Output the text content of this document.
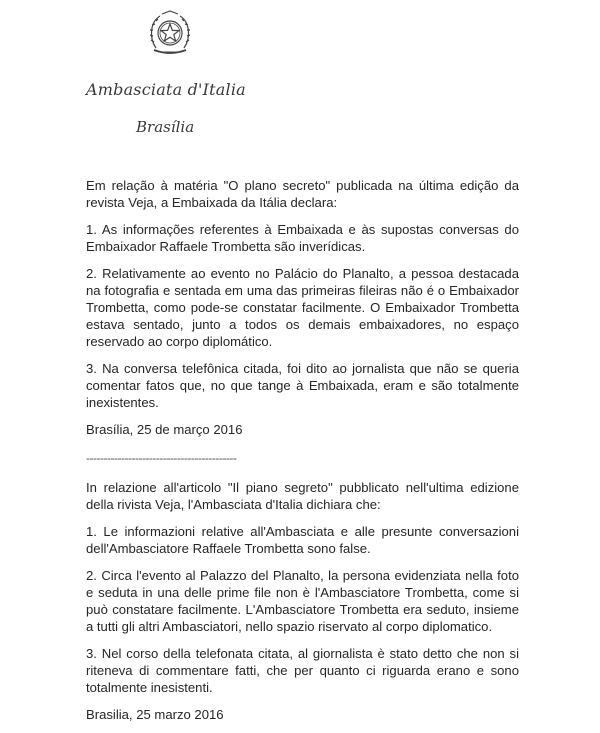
Ambasciata d'Italia
Brasília

Em relação à matéria "O plano secreto" publicada na última edição da revista Veja, a Embaixada da Itália declara:

1. As informações referentes à Embaixada e às supostas conversas do Embaixador Raffaele Trombetta são inverídicas.

2. Relativamente ao evento no Palácio do Planalto, a pessoa destacada na fotografia e sentada em uma das primeiras fileiras não é o Embaixador Trombetta, como pode-se constatar facilmente. O Embaixador Trombetta estava sentado, junto a todos os demais embaixadores, no espaço reservado ao corpo diplomático.

3. Na conversa telefônica citada, foi dito ao jornalista que não se queria comentar fatos que, no que tange à Embaixada, eram e são totalmente inexistentes.

Brasília, 25 de março 2016

-------------------------------------------

In relazione all'articolo "Il piano segreto" pubblicato nell'ultima edizione della rivista Veja, l'Ambasciata d'Italia dichiara che:

1. Le informazioni relative all'Ambasciata e alle presunte conversazioni dell'Ambasciatore Raffaele Trombetta sono false.

2. Circa l'evento al Palazzo del Planalto, la persona evidenziata nella foto e seduta in una delle prime file non è l'Ambasciatore Trombetta, come si può constatare facilmente. L'Ambasciatore Trombetta era seduto, insieme a tutti gli altri Ambasciatori, nello spazio riservato al corpo diplomatico.

3. Nel corso della telefonata citata, al giornalista è stato detto che non si riteneva di commentare fatti, che per quanto ci riguarda erano e sono totalmente inesistenti.

Brasilia, 25 marzo 2016
